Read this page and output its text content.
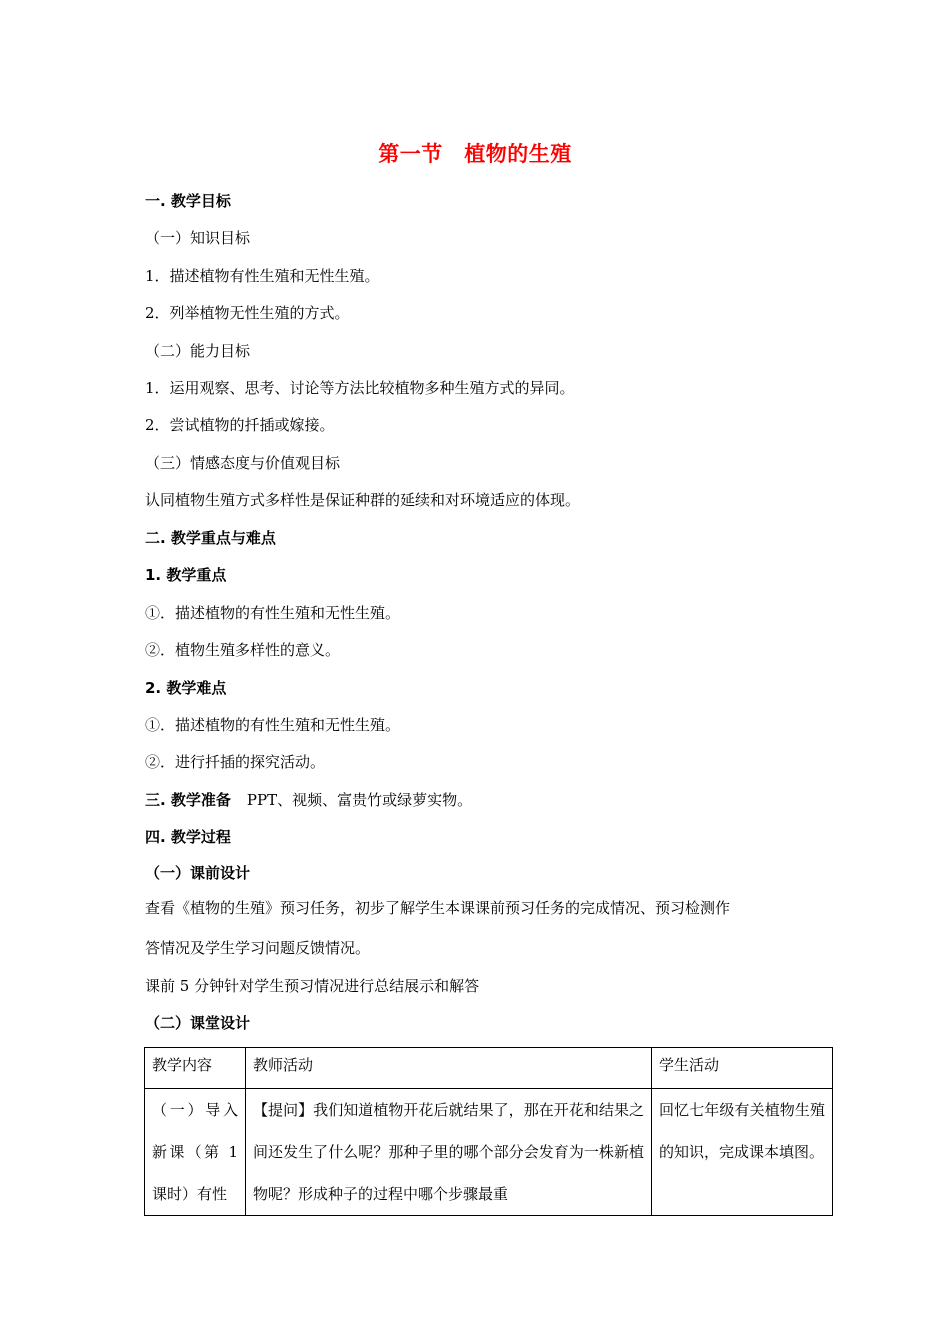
第一节　植物的生殖
一. 教学目标
（一）知识目标
1．描述植物有性生殖和无性生殖。
2．列举植物无性生殖的方式。
（二）能力目标
1．运用观察、思考、讨论等方法比较植物多种生殖方式的异同。
2．尝试植物的扦插或嫁接。
（三）情感态度与价值观目标
认同植物生殖方式多样性是保证种群的延续和对环境适应的体现。
二. 教学重点与难点
1. 教学重点
①．描述植物的有性生殖和无性生殖。
②．植物生殖多样性的意义。
2. 教学难点
①．描述植物的有性生殖和无性生殖。
②．进行扦插的探究活动。
三. 教学准备 PPT、视频、富贵竹或绿萝实物。
四. 教学过程
（一）课前设计
查看《植物的生殖》预习任务，初步了解学生本课课前预习任务的完成情况、预习检测作
答情况及学生学习问题反馈情况。
课前 5 分钟针对学生预习情况进行总结展示和解答
（二）课堂设计
教学内容	教师活动	学生活动
（一）导入新课（第 1 课时）有性	【提问】我们知道植物开花后就结果了，那在开花和结果之间还发生了什么呢？那种子里的哪个部分会发育为一株新植物呢？形成种子的过程中哪个步骤最重	回忆七年级有关植物生殖的知识，完成课本填图。
